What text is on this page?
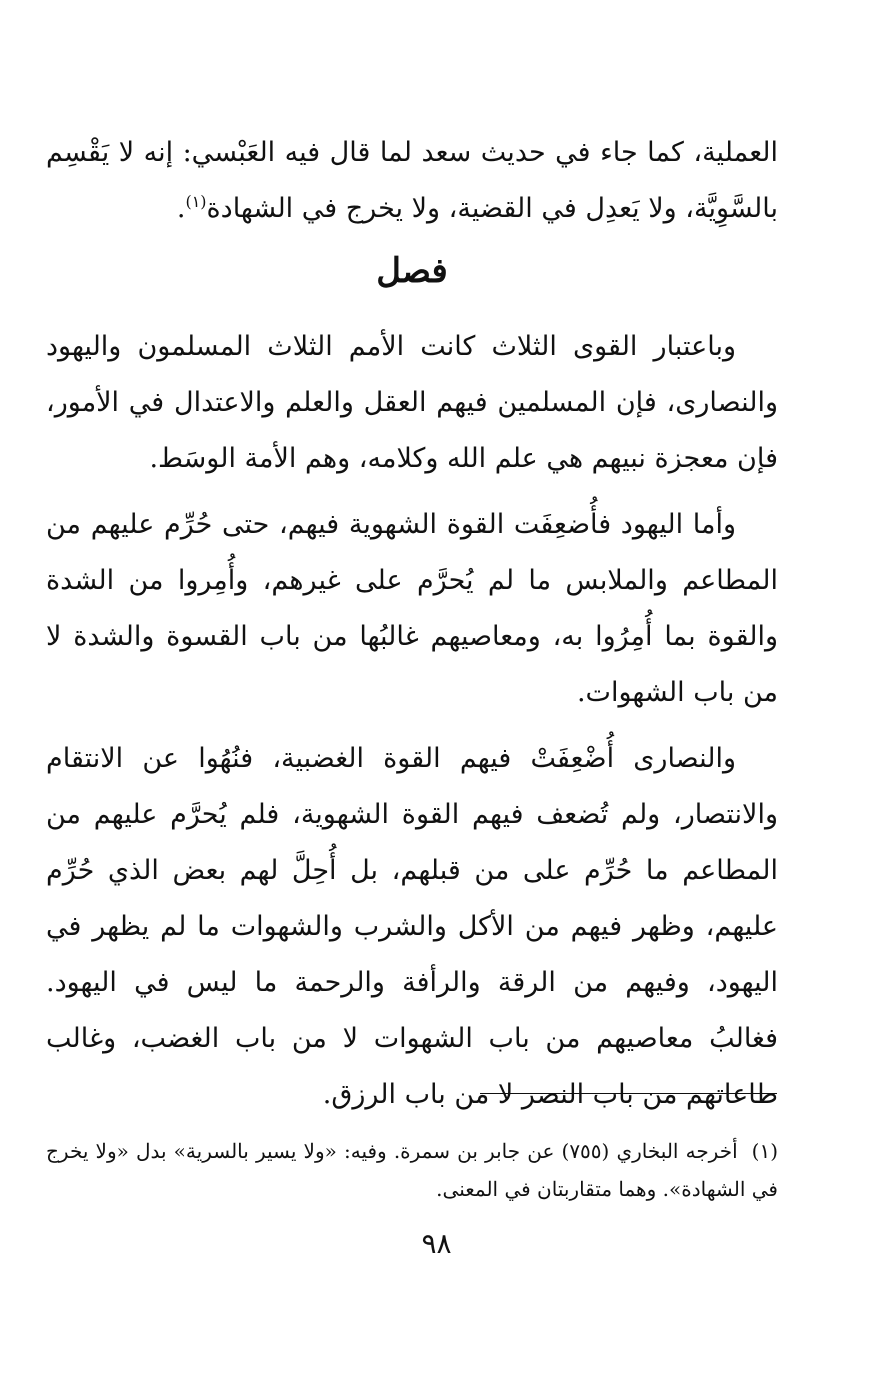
العملية، كما جاء في حديث سعد لما قال فيه العَبْسي: إنه لا يَقْسِم بالسَّوِيَّة، ولا يَعدِل في القضية، ولا يخرج في الشهادة$^{(١)}$.

فصل

وباعتبار القوى الثلاث كانت الأمم الثلاث المسلمون واليهود والنصارى، فإن المسلمين فيهم العقل والعلم والاعتدال في الأمور، فإن معجزة نبيهم هي علم الله وكلامه، وهم الأمة الوسَط.

وأما اليهود فأُضعِفَت القوة الشهوية فيهم، حتى حُرِّم عليهم من المطاعم والملابس ما لم يُحرَّم على غيرهم، وأُمِروا من الشدة والقوة بما أُمِرُوا به، ومعاصيهم غالبُها من باب القسوة والشدة لا من باب الشهوات.

والنصارى أُضْعِفَتْ فيهم القوة الغضبية، فنُهُوا عن الانتقام والانتصار، ولم تُضعف فيهم القوة الشهوية، فلم يُحرَّم عليهم من المطاعم ما حُرِّم على من قبلهم، بل أُحِلَّ لهم بعض الذي حُرِّم عليهم، وظهر فيهم من الأكل والشرب والشهوات ما لم يظهر في اليهود، وفيهم من الرقة والرأفة والرحمة ما ليس في اليهود. فغالبُ معاصيهم من باب الشهوات لا من باب الغضب، وغالب طاعاتهم من باب النصر لا من باب الرزق.

(١)أخرجه البخاري (٧٥٥) عن جابر بن سمرة. وفيه: «ولا يسير بالسرية» بدل «ولا يخرج في الشهادة». وهما متقاربتان في المعنى.
٩٨
